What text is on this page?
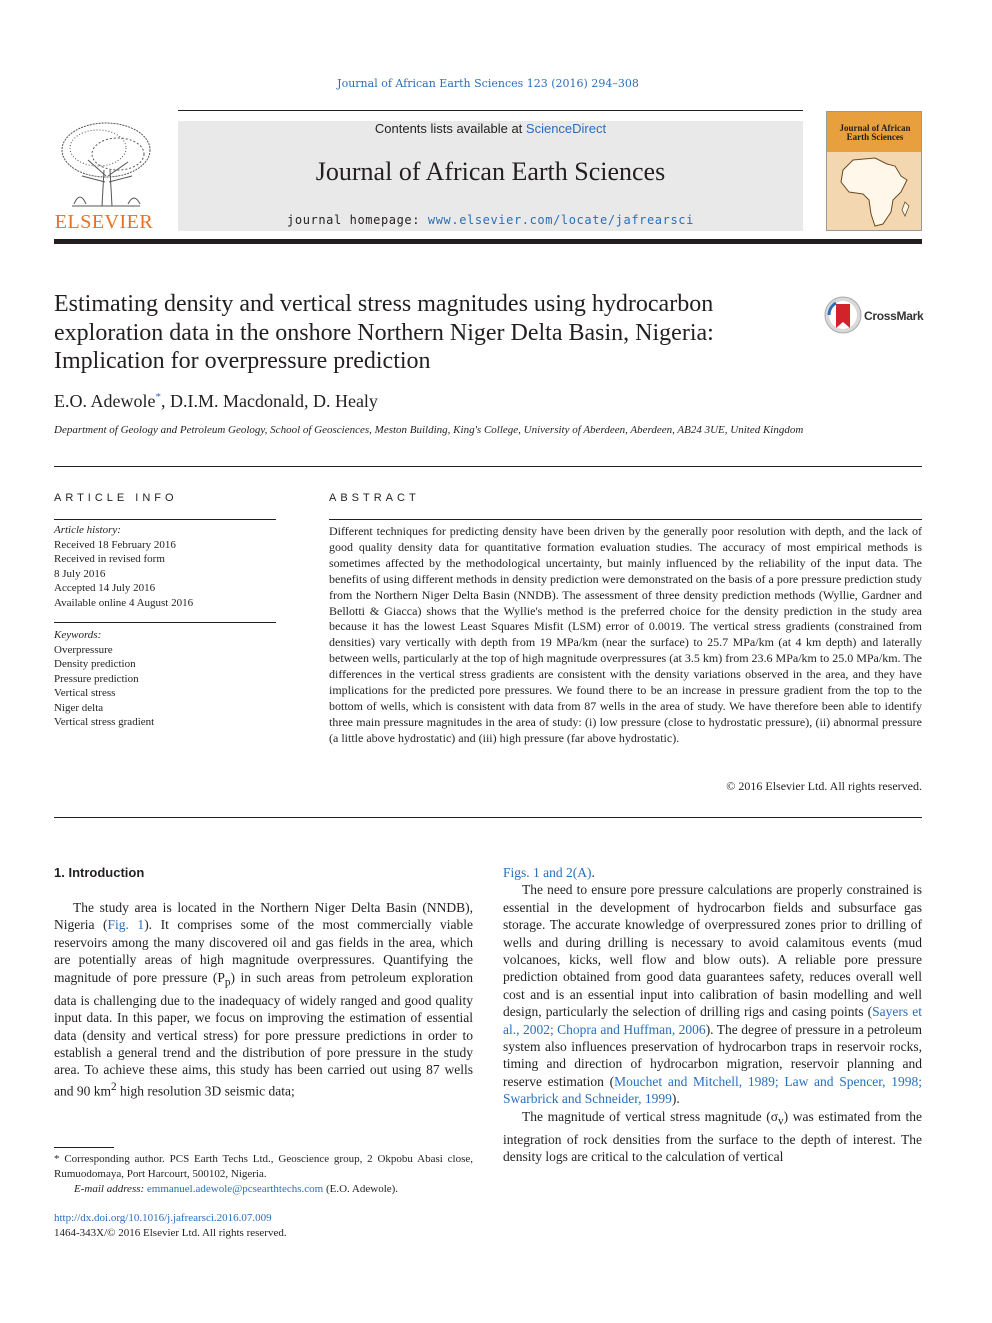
Journal of African Earth Sciences 123 (2016) 294–308
ELSEVIER
Contents lists available at ScienceDirect
Journal of African Earth Sciences
journal homepage: www.elsevier.com/locate/jafrearsci
Journal of African Earth Sciences
Estimating density and vertical stress magnitudes using hydrocarbon exploration data in the onshore Northern Niger Delta Basin, Nigeria: Implication for overpressure prediction
CrossMark
E.O. Adewole*, D.I.M. Macdonald, D. Healy
Department of Geology and Petroleum Geology, School of Geosciences, Meston Building, King's College, University of Aberdeen, Aberdeen, AB24 3UE, United Kingdom
ARTICLE INFO
Article history:
Received 18 February 2016
Received in revised form
8 July 2016
Accepted 14 July 2016
Available online 4 August 2016
Keywords:
Overpressure
Density prediction
Pressure prediction
Vertical stress
Niger delta
Vertical stress gradient
ABSTRACT
Different techniques for predicting density have been driven by the generally poor resolution with depth, and the lack of good quality density data for quantitative formation evaluation studies. The accuracy of most empirical methods is sometimes affected by the methodological uncertainty, but mainly influenced by the reliability of the input data. The benefits of using different methods in density prediction were demonstrated on the basis of a pore pressure prediction study from the Northern Niger Delta Basin (NNDB). The assessment of three density prediction methods (Wyllie, Gardner and Bellotti & Giacca) shows that the Wyllie's method is the preferred choice for the density prediction in the study area because it has the lowest Least Squares Misfit (LSM) error of 0.0019. The vertical stress gradients (constrained from densities) vary vertically with depth from 19 MPa/km (near the surface) to 25.7 MPa/km (at 4 km depth) and laterally between wells, particularly at the top of high magnitude overpressures (at 3.5 km) from 23.6 MPa/km to 25.0 MPa/km. The differences in the vertical stress gradients are consistent with the density variations observed in the area, and they have implications for the predicted pore pressures. We found there to be an increase in pressure gradient from the top to the bottom of wells, which is consistent with data from 87 wells in the area of study. We have therefore been able to identify three main pressure magnitudes in the area of study: (i) low pressure (close to hydrostatic pressure), (ii) abnormal pressure (a little above hydrostatic) and (iii) high pressure (far above hydrostatic).
© 2016 Elsevier Ltd. All rights reserved.
1. Introduction
The study area is located in the Northern Niger Delta Basin (NNDB), Nigeria (Fig. 1). It comprises some of the most commercially viable reservoirs among the many discovered oil and gas fields in the area, which are potentially areas of high magnitude overpressures. Quantifying the magnitude of pore pressure $(P_p)$ in such areas from petroleum exploration data is challenging due to the inadequacy of widely ranged and good quality input data. In this paper, we focus on improving the estimation of essential data (density and vertical stress) for pore pressure predictions in order to establish a general trend and the distribution of pore pressure in the study area. To achieve these aims, this study has been carried out using 87 wells and 90 $km^2$ high resolution 3D seismic data;
Figs. 1 and 2(A).
The need to ensure pore pressure calculations are properly constrained is essential in the development of hydrocarbon fields and subsurface gas storage. The accurate knowledge of overpressured zones prior to drilling of wells and during drilling is necessary to avoid calamitous events (mud volcanoes, kicks, well flow and blow outs). A reliable pore pressure prediction obtained from good data guarantees safety, reduces overall well cost and is an essential input into calibration of basin modelling and well design, particularly the selection of drilling rigs and casing points (Sayers et al., 2002; Chopra and Huffman, 2006). The degree of pressure in a petroleum system also influences preservation of hydrocarbon traps in reservoir rocks, timing and direction of hydrocarbon migration, reservoir planning and reserve estimation (Mouchet and Mitchell, 1989; Law and Spencer, 1998; Swarbrick and Schneider, 1999).
The magnitude of vertical stress magnitude $(\sigma_v)$ was estimated from the integration of rock densities from the surface to the depth of interest. The density logs are critical to the calculation of vertical
* Corresponding author. PCS Earth Techs Ltd., Geoscience group, 2 Okpobu Abasi close, Rumuodomaya, Port Harcourt, 500102, Nigeria.
E-mail address: emmanuel.adewole@pcsearthtechs.com (E.O. Adewole).
http://dx.doi.org/10.1016/j.jafrearsci.2016.07.009
1464-343X/© 2016 Elsevier Ltd. All rights reserved.
